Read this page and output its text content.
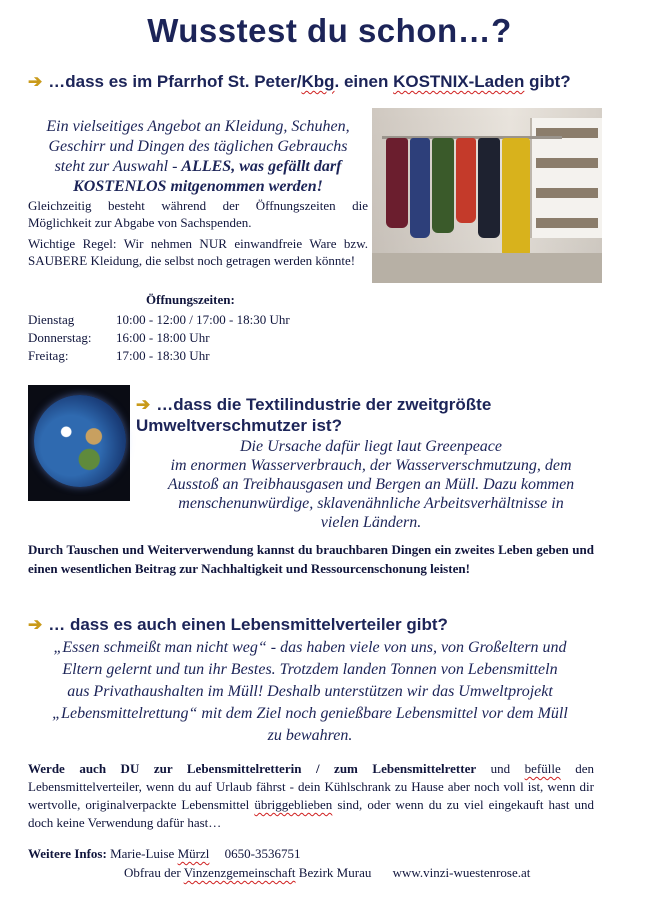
Wusstest du schon…?
➔ …dass es im Pfarrhof St. Peter/Kbg. einen KOSTNIX-Laden gibt?
Ein vielseitiges Angebot an Kleidung, Schuhen,
Geschirr und Dingen des täglichen Gebrauchs
steht zur Auswahl - ALLES, was gefällt darf
KOSTENLOS mitgenommen werden!
Gleichzeitig besteht während der Öffnungszeiten die Möglichkeit zur Abgabe von Sachspenden.
Wichtige Regel: Wir nehmen NUR einwandfreie Ware bzw. SAUBERE Kleidung, die selbst noch getragen werden könnte!
Öffnungszeiten:
Dienstag	10:00 - 12:00 / 17:00 - 18:30 Uhr
Donnerstag:	16:00 - 18:00 Uhr
Freitag:	17:00 - 18:30 Uhr
➔ …dass die Textilindustrie der zweitgrößte
Umweltverschmutzer ist?
Die Ursache dafür liegt laut Greenpeace
im enormen Wasserverbrauch, der Wasserverschmutzung, dem
Ausstoß an Treibhausgasen und Bergen an Müll. Dazu kommen
menschenunwürdige, sklavenähnliche Arbeitsverhältnisse in
vielen Ländern.
Durch Tauschen und Weiterverwendung kannst du brauchbaren Dingen ein zweites Leben geben und einen wesentlichen Beitrag zur Nachhaltigkeit und Ressourcenschonung leisten!
➔ … dass es auch einen Lebensmittelverteiler gibt?
„Essen schmeißt man nicht weg“ - das haben viele von uns, von Großeltern und
Eltern gelernt und tun ihr Bestes. Trotzdem landen Tonnen von Lebensmitteln
aus Privathaushalten im Müll! Deshalb unterstützen wir das Umweltprojekt
„Lebensmittelrettung“ mit dem Ziel noch genießbare Lebensmittel vor dem Müll
zu bewahren.
Werde auch DU zur Lebensmittelretterin / zum Lebensmittelretter und befülle den Lebensmittelverteiler, wenn du auf Urlaub fährst - dein Kühlschrank zu Hause aber noch voll ist, wenn dir wertvolle, originalverpackte Lebensmittel übriggeblieben sind, oder wenn du zu viel eingekauft hast und doch keine Verwendung dafür hast…
Weitere Infos: Marie-Luise Mürzl 0650-3536751
Obfrau der Vinzenzgemeinschaft Bezirk Murau www.vinzi-wuestenrose.at
